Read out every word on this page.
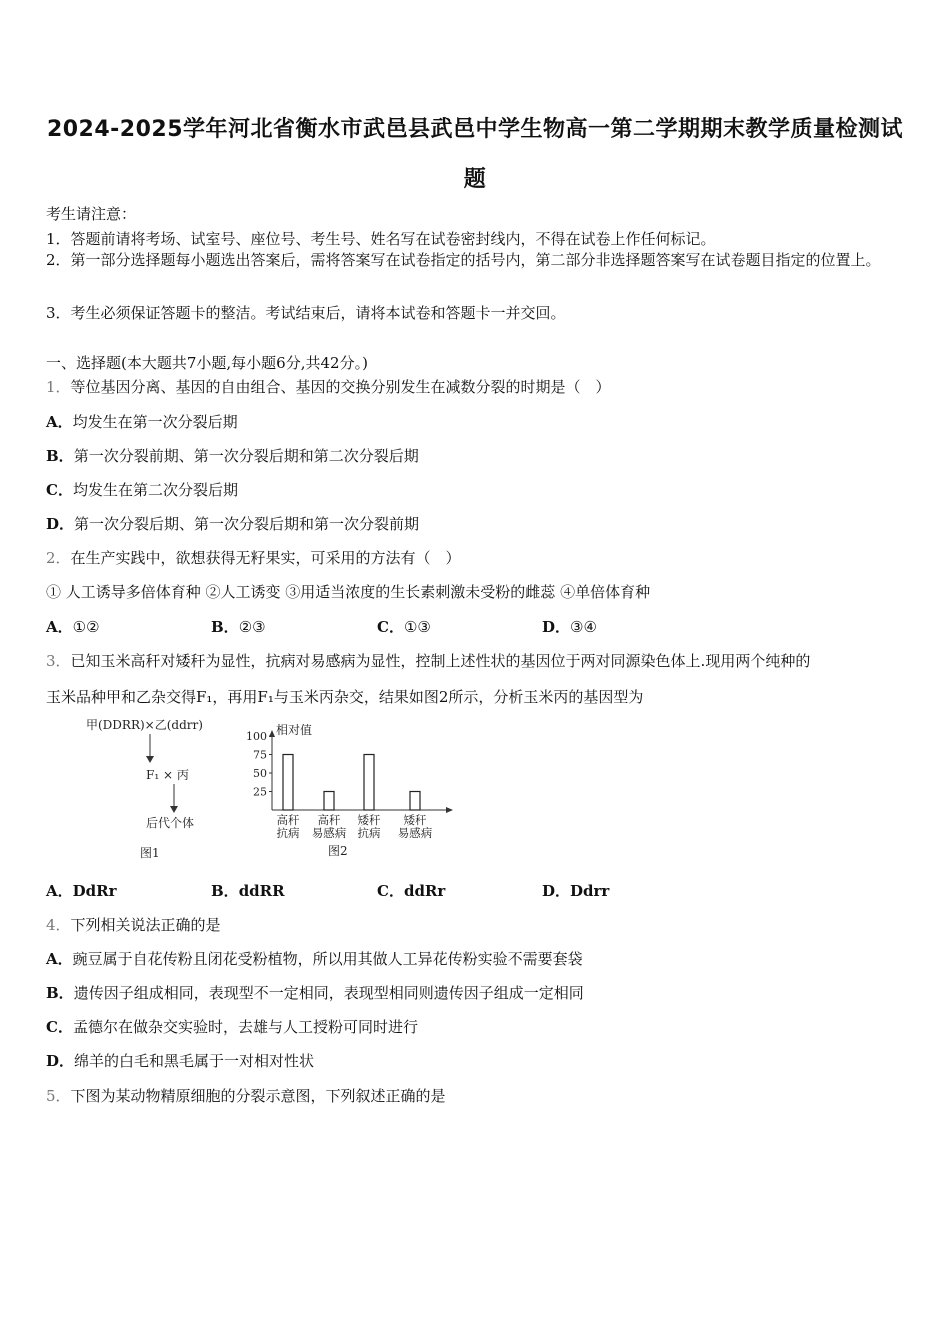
2024-2025学年河北省衡水市武邑县武邑中学生物高一第二学期期末教学质量检测试
题
考生请注意：
1．答题前请将考场、试室号、座位号、考生号、姓名写在试卷密封线内，不得在试卷上作任何标记。
2．第一部分选择题每小题选出答案后，需将答案写在试卷指定的括号内，第二部分非选择题答案写在试卷题目指定的位置上。
3．考生必须保证答题卡的整洁。考试结束后，请将本试卷和答题卡一并交回。
一、选择题(本大题共7小题,每小题6分,共42分。)
1．等位基因分离、基因的自由组合、基因的交换分别发生在减数分裂的时期是（　）
A．均发生在第一次分裂后期
B．第一次分裂前期、第一次分裂后期和第二次分裂后期
C．均发生在第二次分裂后期
D．第一次分裂后期、第一次分裂后期和第一次分裂前期
2．在生产实践中，欲想获得无籽果实，可采用的方法有（　）
① 人工诱导多倍体育种 ②人工诱变 ③用适当浓度的生长素刺激未受粉的雌蕊 ④单倍体育种
A．①②	B．②③	C．①③	D．③④
3．已知玉米高秆对矮秆为显性，抗病对易感病为显性，控制上述性状的基因位于两对同源染色体上.现用两个纯种的
玉米品种甲和乙杂交得F₁，再用F₁与玉米丙杂交，结果如图2所示，分析玉米丙的基因型为
甲(DDRR)×乙(ddrr)
F₁ × 丙
后代个体
图1
相对值
100
75
50
25
高秆
抗病
高秆
易感病
矮秆
抗病
矮秆
易感病
图2
A．DdRr	B．ddRR	C．ddRr	D．Ddrr
4．下列相关说法正确的是
A．豌豆属于自花传粉且闭花受粉植物，所以用其做人工异花传粉实验不需要套袋
B．遗传因子组成相同，表现型不一定相同，表现型相同则遗传因子组成一定相同
C．孟德尔在做杂交实验时，去雄与人工授粉可同时进行
D．绵羊的白毛和黑毛属于一对相对性状
5．下图为某动物精原细胞的分裂示意图，下列叙述正确的是
